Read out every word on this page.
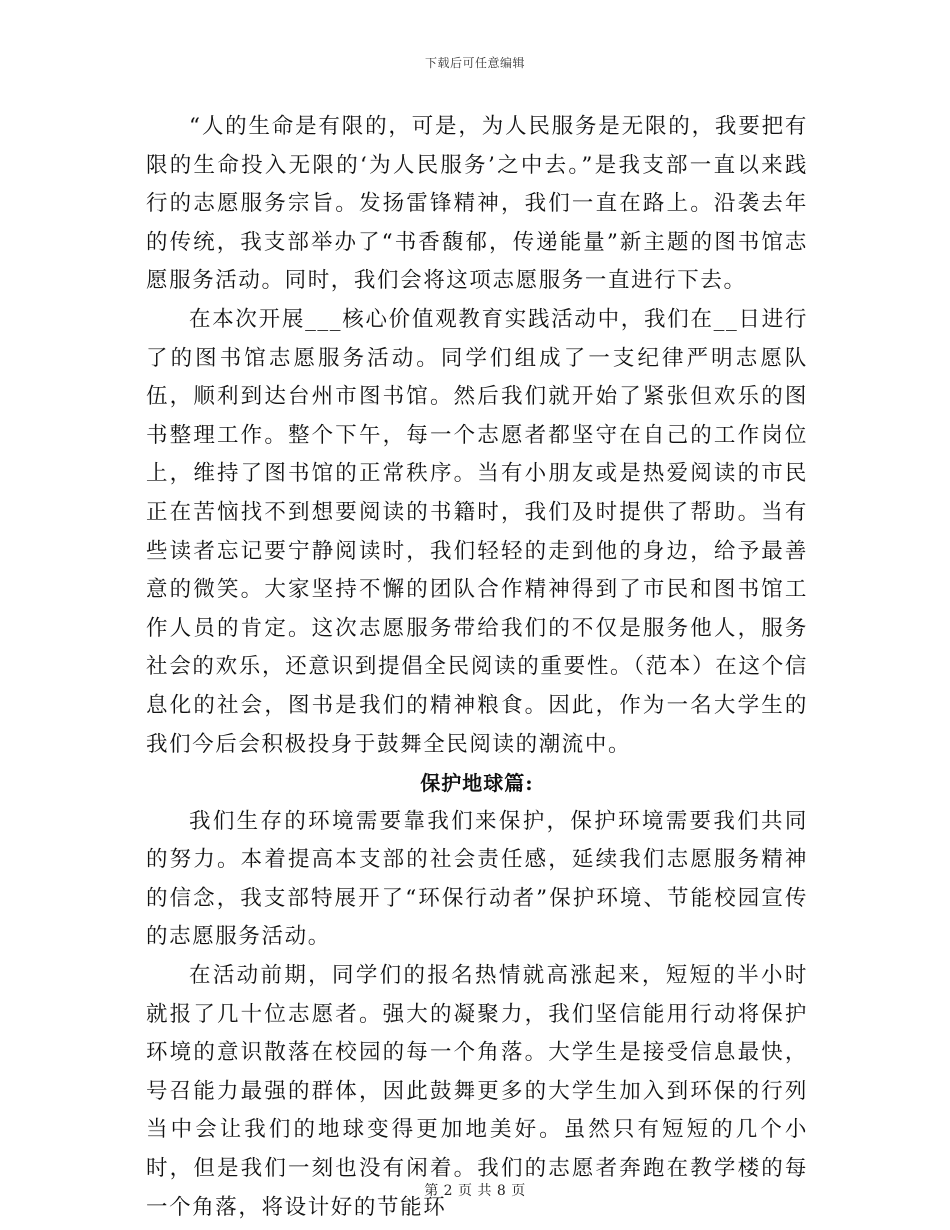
下载后可任意编辑

“人的生命是有限的，可是，为人民服务是无限的，我要把有限的生命投入无限的‘为人民服务’之中去。”是我支部一直以来践行的志愿服务宗旨。发扬雷锋精神，我们一直在路上。沿袭去年的传统，我支部举办了“书香馥郁，传递能量”新主题的图书馆志愿服务活动。同时，我们会将这项志愿服务一直进行下去。

在本次开展___核心价值观教育实践活动中，我们在__日进行了的图书馆志愿服务活动。同学们组成了一支纪律严明志愿队伍，顺利到达台州市图书馆。然后我们就开始了紧张但欢乐的图书整理工作。整个下午，每一个志愿者都坚守在自己的工作岗位上，维持了图书馆的正常秩序。当有小朋友或是热爱阅读的市民正在苦恼找不到想要阅读的书籍时，我们及时提供了帮助。当有些读者忘记要宁静阅读时，我们轻轻的走到他的身边，给予最善意的微笑。大家坚持不懈的团队合作精神得到了市民和图书馆工作人员的肯定。这次志愿服务带给我们的不仅是服务他人，服务社会的欢乐，还意识到提倡全民阅读的重要性。（范本）在这个信息化的社会，图书是我们的精神粮食。因此，作为一名大学生的我们今后会积极投身于鼓舞全民阅读的潮流中。

保护地球篇:

我们生存的环境需要靠我们来保护，保护环境需要我们共同的努力。本着提高本支部的社会责任感，延续我们志愿服务精神的信念，我支部特展开了“环保行动者”保护环境、节能校园宣传的志愿服务活动。

在活动前期，同学们的报名热情就高涨起来，短短的半小时就报了几十位志愿者。强大的凝聚力，我们坚信能用行动将保护环境的意识散落在校园的每一个角落。大学生是接受信息最快，号召能力最强的群体，因此鼓舞更多的大学生加入到环保的行列当中会让我们的地球变得更加地美好。虽然只有短短的几个小时，但是我们一刻也没有闲着。我们的志愿者奔跑在教学楼的每一个角落，将设计好的节能环

第 2 页 共 8 页
